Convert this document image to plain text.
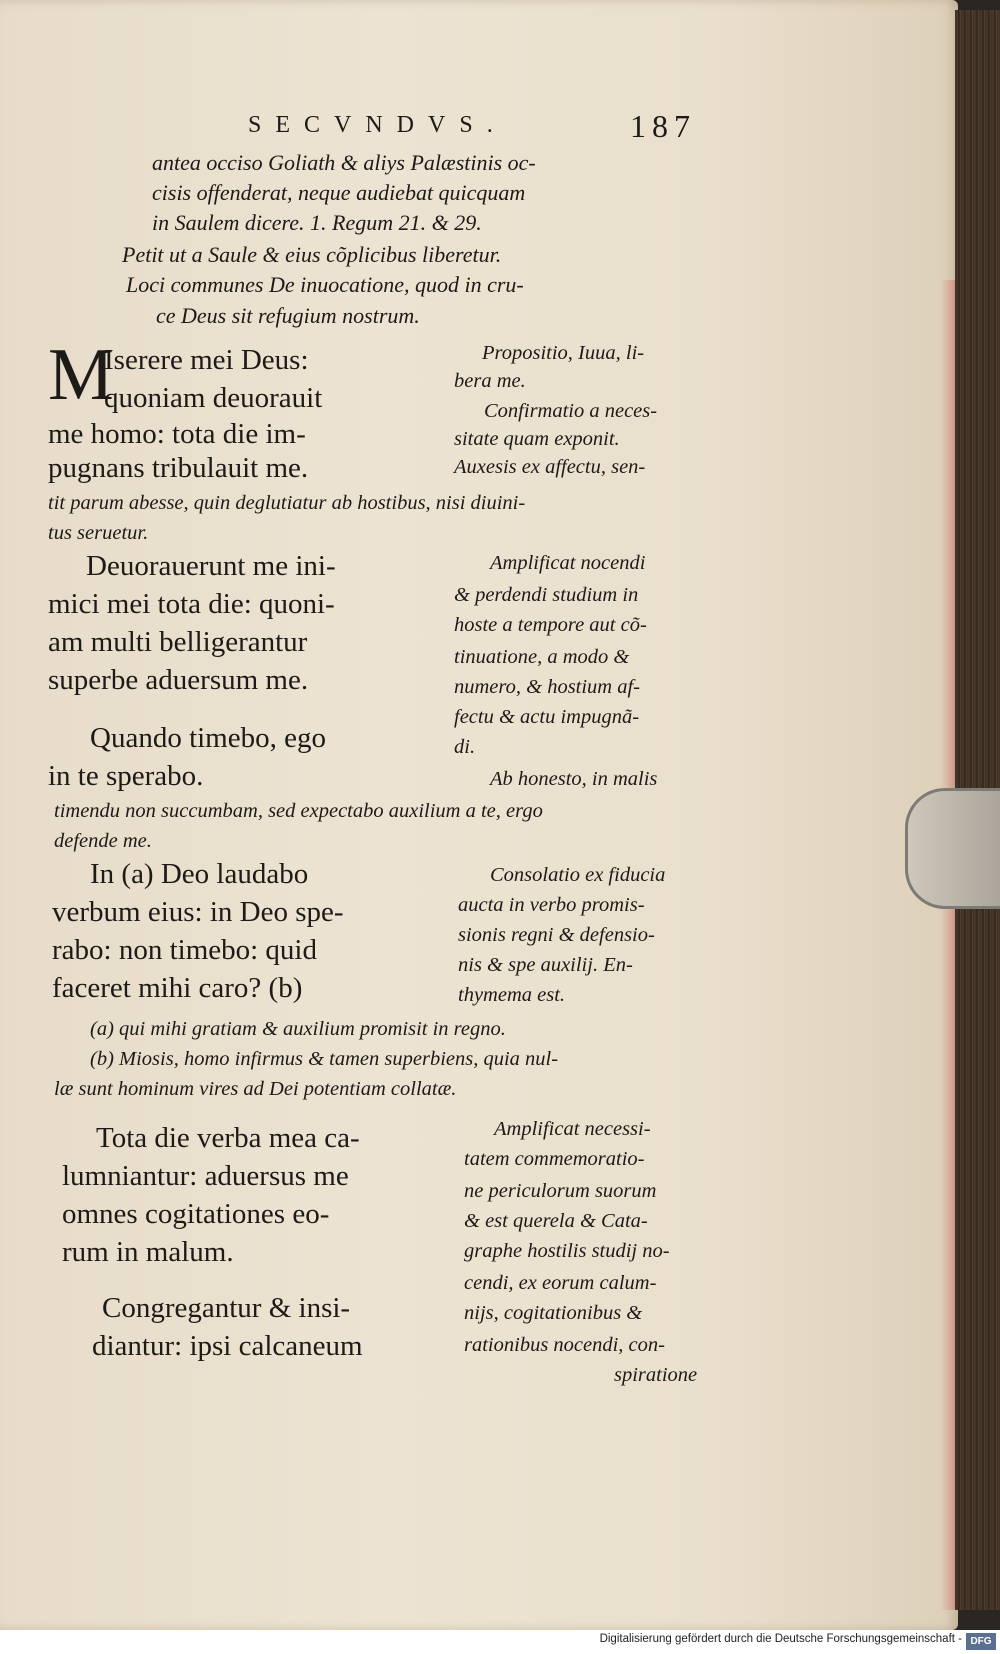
SECVNDVS.	187
antea occiso Goliath & aliys Palæstinis oc-
cisis offenderat, neque audiebat quicquam
in Saulem dicere. 1. Regum 21. & 29.
Petit ut a Saule & eius cõplicibus liberetur.
Loci communes De inuocatione, quod in cru-
ce Deus sit refugium nostrum.
M
Iserere mei Deus:
quoniam deuorauit
me homo: tota die im-
pugnans tribulauit me.
Propositio, Iuua, li-
bera me.
Confirmatio a neces-
sitate quam exponit.
Auxesis ex affectu, sen-
tit parum abesse, quin deglutiatur ab hostibus, nisi diuini-
tus seruetur.
Deuorauerunt me ini-
mici mei tota die: quoni-
am multi belligerantur
superbe aduersum me.
Amplificat nocendi
& perdendi studium in
hoste a tempore aut cõ-
tinuatione, a modo &
numero, & hostium af-
fectu & actu impugnã-
di.
Quando timebo, ego
in te sperabo.	Ab honesto, in malis
timendu non succumbam, sed expectabo auxilium a te, ergo
defende me.
In (a) Deo laudabo
verbum eius: in Deo spe-
rabo: non timebo: quid
faceret mihi caro? (b)
Consolatio ex fiducia
aucta in verbo promis-
sionis regni & defensio-
nis & spe auxilij. En-
thymema est.
(a) qui mihi gratiam & auxilium promisit in regno.
(b) Miosis, homo infirmus & tamen superbiens, quia nul-
læ sunt hominum vires ad Dei potentiam collatæ.
Tota die verba mea ca-
lumniantur: aduersus me
omnes cogitationes eo-
rum in malum.
Amplificat necessi-
tatem commemoratio-
ne periculorum suorum
& est querela & Cata-
graphe hostilis studij no-
cendi, ex eorum calum-
nijs, cogitationibus &
rationibus nocendi, con-
spiratione
Congregantur & insi-
diantur: ipsi calcaneum
Digitalisierung gefördert durch die Deutsche Forschungsgemeinschaft - DFG
